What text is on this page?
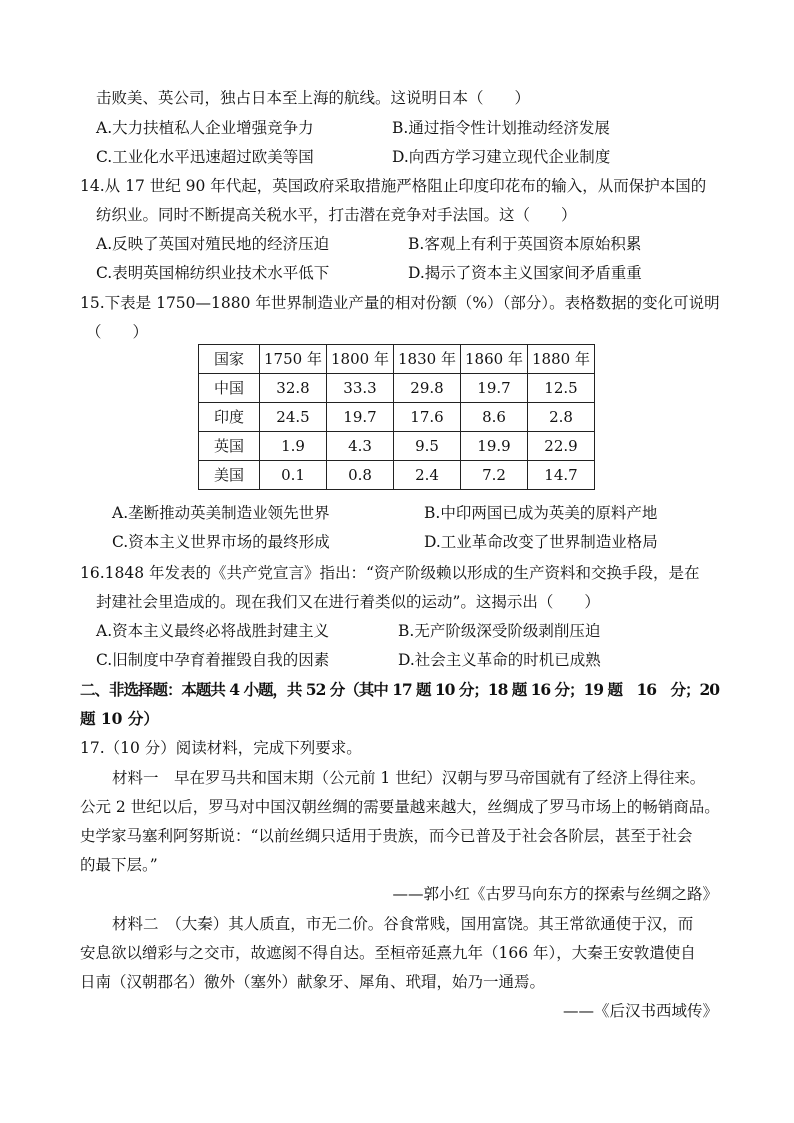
击败美、英公司，独占日本至上海的航线。这说明日本（　　）
A.大力扶植私人企业增强竞争力	B.通过指令性计划推动经济发展
C.工业化水平迅速超过欧美等国	D.向西方学习建立现代企业制度
14.从 17 世纪 90 年代起，英国政府采取措施严格阻止印度印花布的输入，从而保护本国的
纺织业。同时不断提高关税水平，打击潜在竞争对手法国。这（　　）
A.反映了英国对殖民地的经济压迫	B.客观上有利于英国资本原始积累
C.表明英国棉纺织业技术水平低下	D.揭示了资本主义国家间矛盾重重
15.下表是 1750—1880 年世界制造业产量的相对份额（%）（部分）。表格数据的变化可说明
（　　）
国家	1750 年	1800 年	1830 年	1860 年	1880 年
中国	32.8	33.3	29.8	19.7	12.5
印度	24.5	19.7	17.6	8.6	2.8
英国	1.9	4.3	9.5	19.9	22.9
美国	0.1	0.8	2.4	7.2	14.7
A.垄断推动英美制造业领先世界	B.中印两国已成为英美的原料产地
C.资本主义世界市场的最终形成	D.工业革命改变了世界制造业格局
16.1848 年发表的《共产党宣言》指出：“资产阶级赖以形成的生产资料和交换手段，是在
封建社会里造成的。现在我们又在进行着类似的运动”。这揭示出（　　）
A.资本主义最终必将战胜封建主义	B.无产阶级深受阶级剥削压迫
C.旧制度中孕育着摧毁自我的因素	D.社会主义革命的时机已成熟
二、非选择题：本题共 4 小题，共 52 分（其中 17 题 10 分；18 题 16 分；19 题　16　分；20
题 10 分）
17.（10 分）阅读材料，完成下列要求。
材料一　早在罗马共和国末期（公元前 1 世纪）汉朝与罗马帝国就有了经济上得往来。
公元 2 世纪以后，罗马对中国汉朝丝绸的需要量越来越大，丝绸成了罗马市场上的畅销商品。
史学家马塞利阿努斯说：“以前丝绸只适用于贵族，而今已普及于社会各阶层，甚至于社会
的最下层。”
——郭小红《古罗马向东方的探索与丝绸之路》
材料二　（大秦）其人质直，市无二价。谷食常贱，国用富饶。其王常欲通使于汉，而
安息欲以缯彩与之交市，故遮阂不得自达。至桓帝延熹九年（166 年），大秦王安敦遣使自
日南（汉朝郡名）徼外（塞外）献象牙、犀角、玳瑁，始乃一通焉。
——《后汉书西域传》
